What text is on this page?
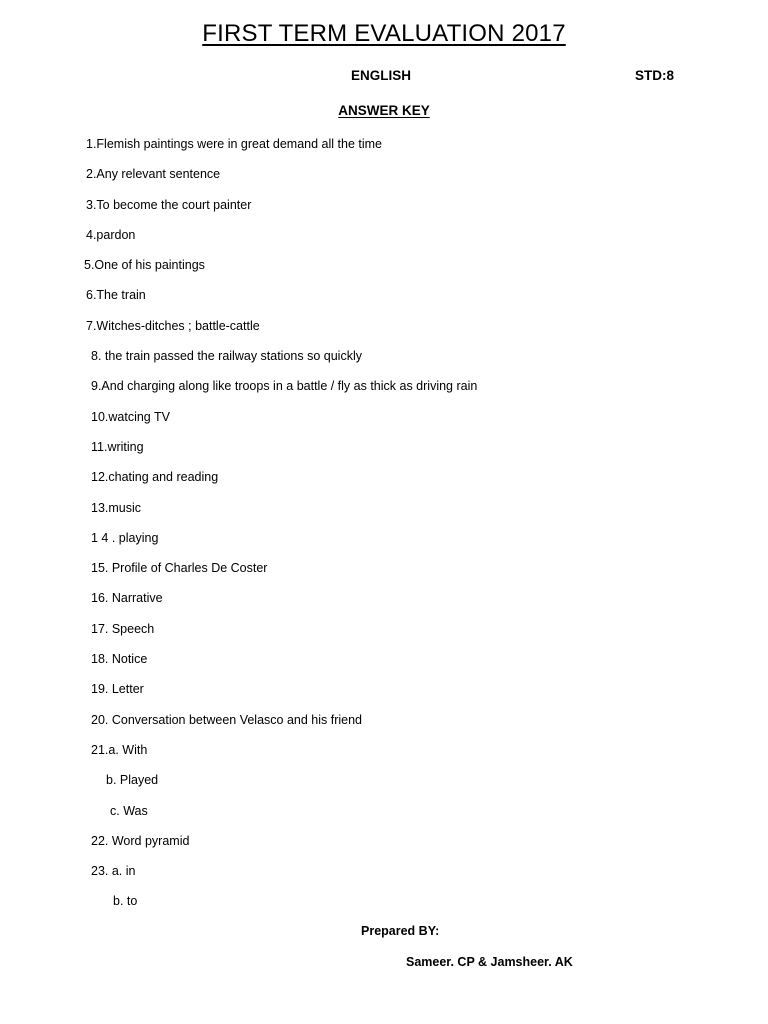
FIRST TERM EVALUATION 2017
ENGLISH	STD:8
ANSWER KEY
1.Flemish paintings were in great demand all the time
2.Any relevant sentence
3.To become the court painter
4.pardon
5.One of his paintings
6.The train
7.Witches-ditches ; battle-cattle
8. the train passed the railway stations so quickly
9.And charging along like troops in a battle / fly as thick as driving rain
10.watcing TV
11.writing
12.chating and reading
13.music
1 4 . playing
15. Profile of Charles De Coster
16. Narrative
17. Speech
18. Notice
19. Letter
20. Conversation between Velasco and his friend
21.a. With
b. Played
c. Was
22. Word pyramid
23. a. in
b. to
Prepared BY:
Sameer. CP & Jamsheer. AK
